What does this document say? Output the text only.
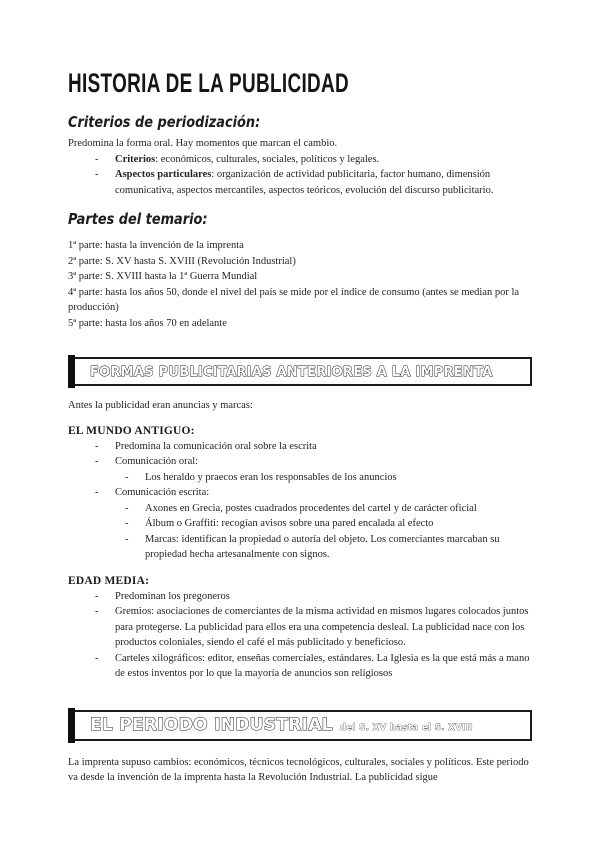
HISTORIA DE LA PUBLICIDAD
Criterios de periodización:

Predomina la forma oral. Hay momentos que marcan el cambio.

-	Criterios: económicos, culturales, sociales, políticos y legales.
-	Aspectos particulares: organización de actividad publicitaria, factor humano, dimensión comunicativa, aspectos mercantiles, aspectos teóricos, evolución del discurso publicitario.
Partes del temario:
1ª parte: hasta la invención de la imprenta
2ª parte: S. XV hasta S. XVIII (Revolución Industrial)
3ª parte: S. XVIII hasta la 1ª Guerra Mundial
4ª parte: hasta los años 50, donde el nivel del país se mide por el índice de consumo (antes se median por la producción)
5ª parte: hasta los años 70 en adelante
FORMAS PUBLICITARIAS ANTERIORES A LA IMPRENTA

Antes la publicidad eran anuncias y marcas:

EL MUNDO ANTIGUO:
-	Predomina la comunicación oral sobre la escrita
-	Comunicación oral:
-	Los heraldo y praecos eran los responsables de los anuncios
-	Comunicación escrita:
-	Axones en Grecia, postes cuadrados procedentes del cartel y de carácter oficial
-	Álbum o Graffiti: recogían avisos sobre una pared encalada al efecto
-	Marcas: identifican la propiedad o autoría del objeto. Los comerciantes marcaban su propiedad hecha artesanalmente con signos.
EDAD MEDIA:
-	Predominan los pregoneros
-	Gremios: asociaciones de comerciantes de la misma actividad en mismos lugares colocados juntos para protegerse. La publicidad para ellos era una competencia desleal. La publicidad nace con los productos coloniales, siendo el café el más publicitado y beneficioso.
-	Carteles xilográficos: editor, enseñas comerciales, estándares. La Iglesia es la que está más a mano de estos inventos por lo que la mayoría de anuncios son religiosos
EL PERIODO INDUSTRIAL del S. XV hasta el S. XVIII

La imprenta supuso cambios: económicos, técnicos tecnológicos, culturales, sociales y políticos. Este periodo va desde la invención de la imprenta hasta la Revolución Industrial. La publicidad sigue
